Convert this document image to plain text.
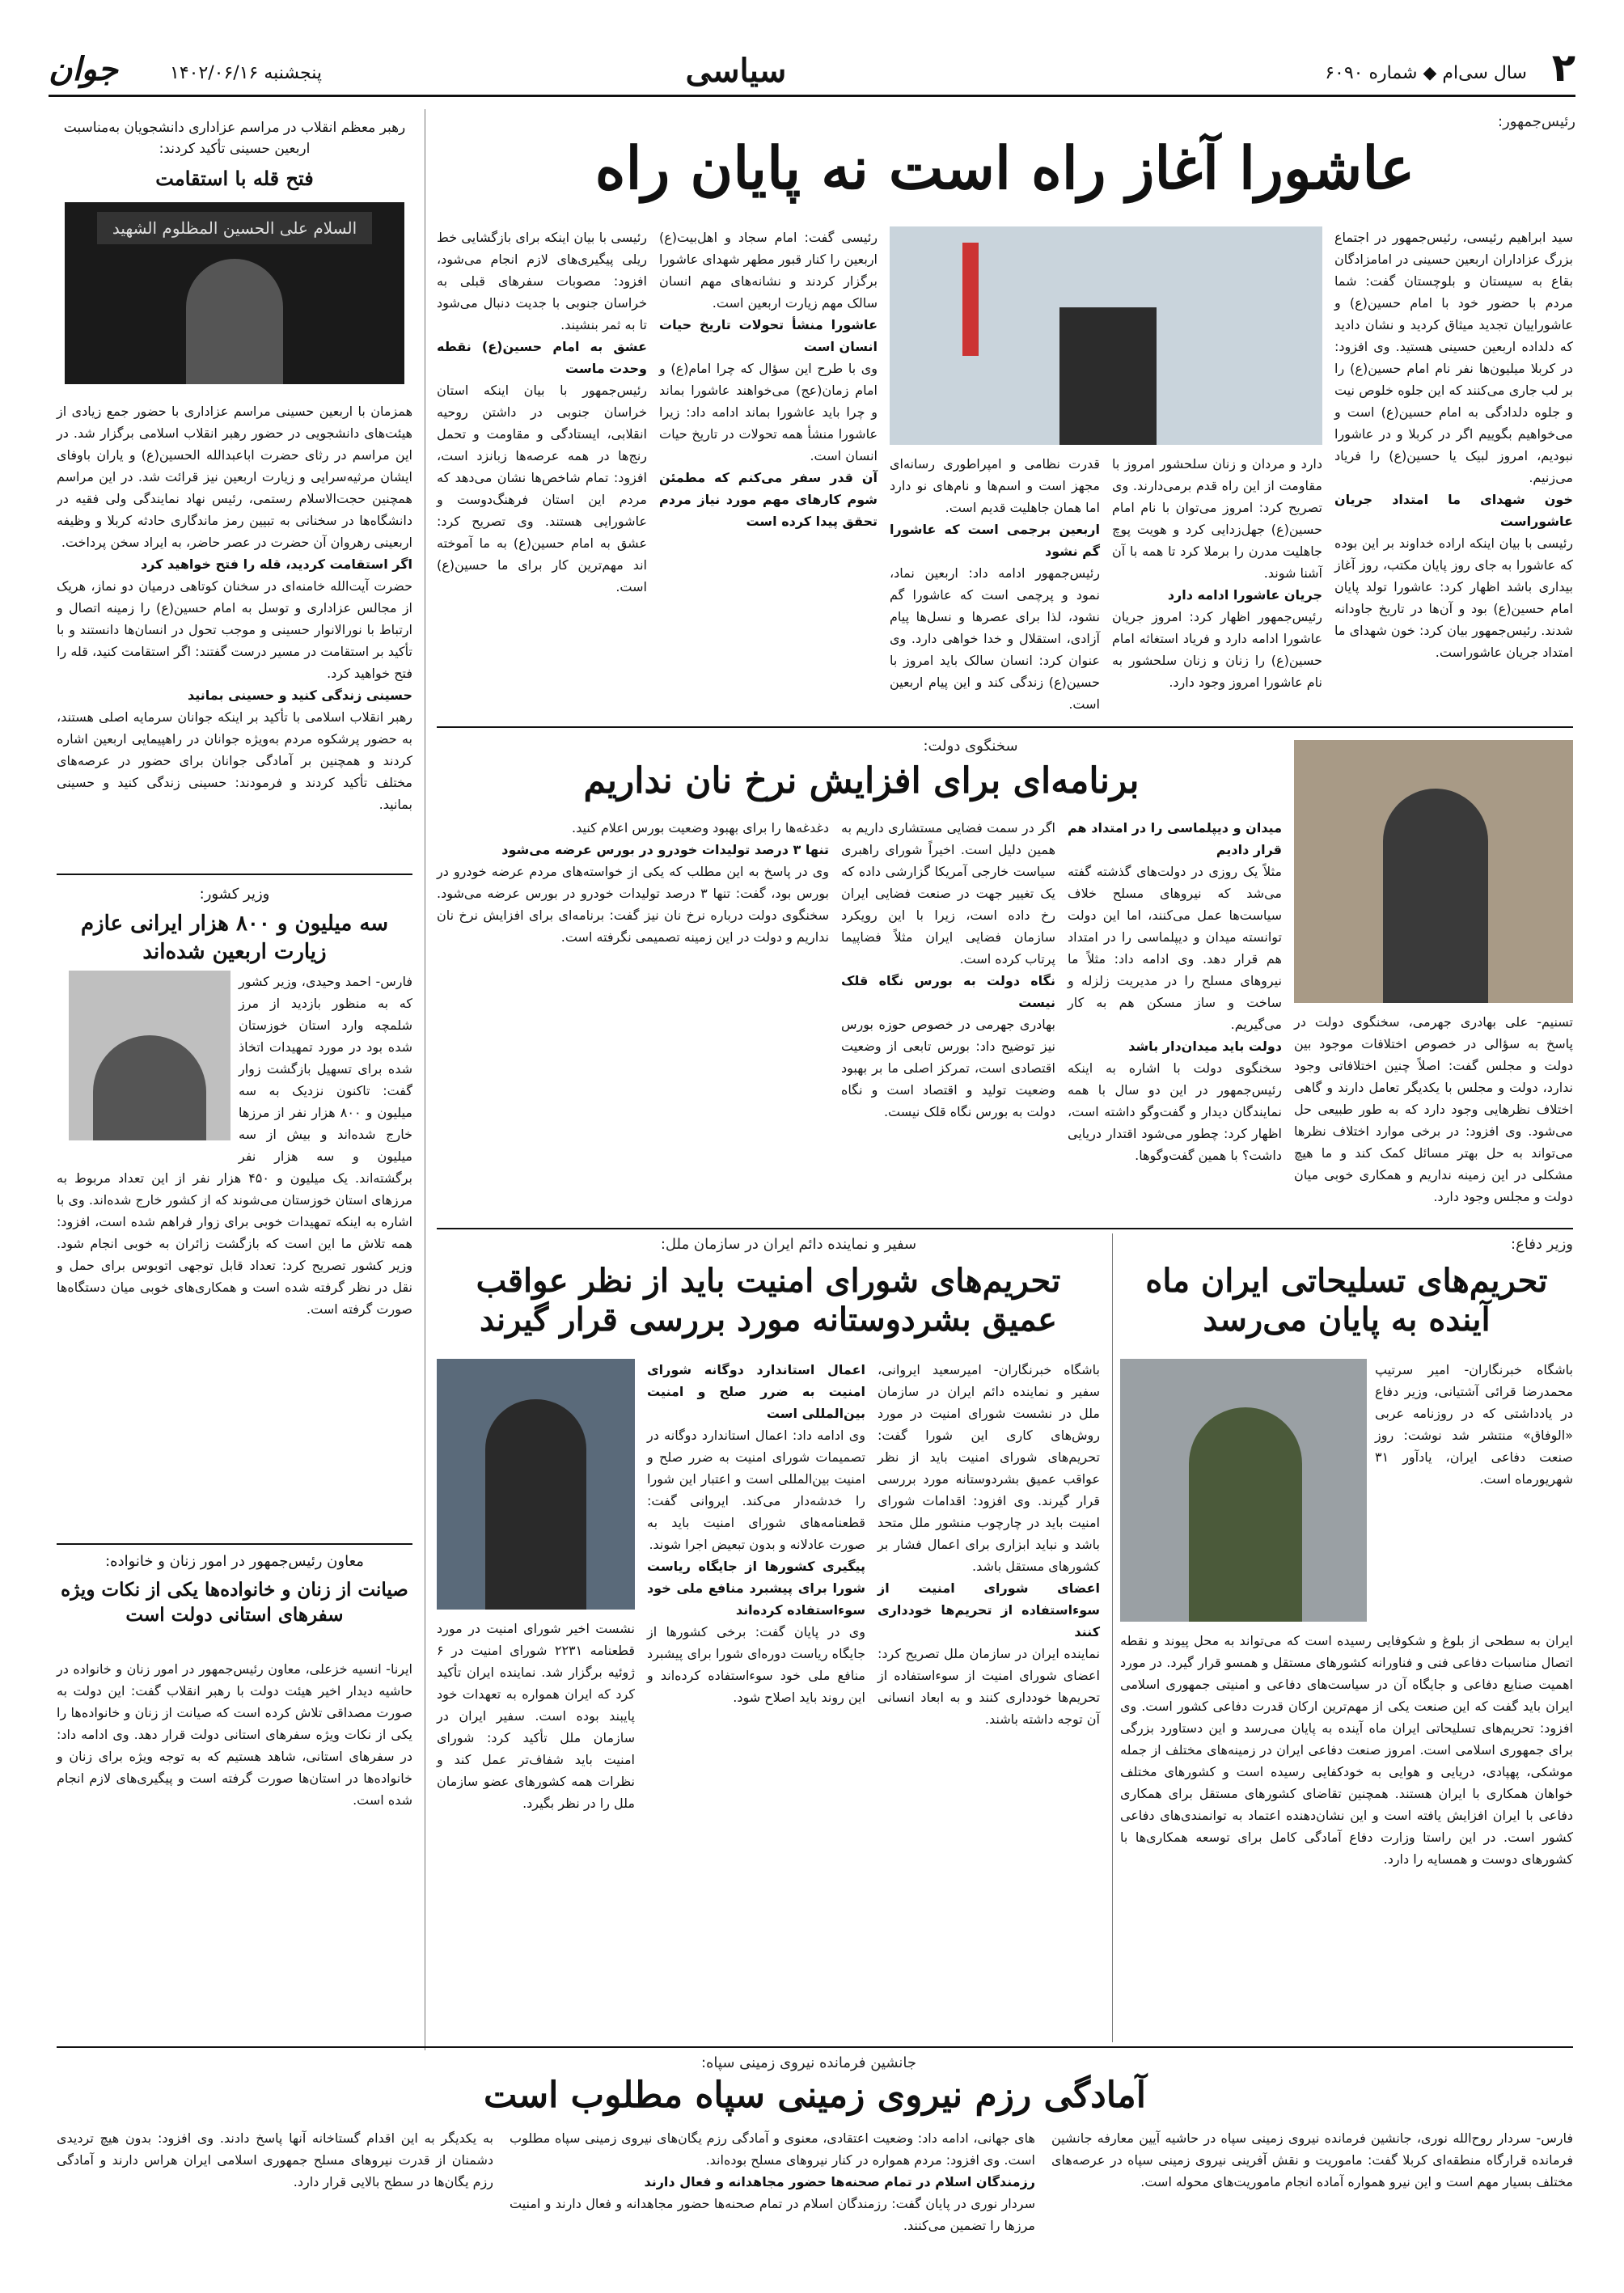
۲
سال سی‌ام ◆ شماره ۶۰۹۰
سیاسی
پنجشنبه ۱۴۰۲/۰۶/۱۶
جوان
رهبر معظم انقلاب در مراسم عزاداری دانشجویان به‌مناسبت اربعین حسینی تأکید کردند:
فتح قله با استقامت
السلام علی الحسین المظلوم الشهید
همزمان با اربعین حسینی مراسم عزاداری با حضور جمع زیادی از هیئت‌های دانشجویی در حضور رهبر انقلاب اسلامی برگزار شد. در این مراسم در رثای حضرت اباعبدالله الحسین(ع) و یاران باوفای ایشان مرثیه‌سرایی و زیارت اربعین نیز قرائت شد. در این مراسم همچنین حجت‌الاسلام رستمی، رئیس نهاد نمایندگی ولی فقیه در دانشگاه‌ها در سخنانی به تبیین رمز ماندگاری حادثه کربلا و وظیفه اربعینی رهروان آن حضرت در عصر حاضر، به ایراد سخن پرداخت.
اگر استقامت کردید، قله را فتح خواهید کرد
حضرت آیت‌الله خامنه‌ای در سخنان کوتاهی درمیان دو نماز، هریک از مجالس عزاداری و توسل به امام حسین(ع) را زمینه اتصال و ارتباط با نورالانوار حسینی و موجب تحول در انسان‌ها دانستند و با تأکید بر استقامت در مسیر درست گفتند: اگر استقامت کنید، قله را فتح خواهید کرد.
حسینی زندگی کنید و حسینی بمانید
رهبر انقلاب اسلامی با تأکید بر اینکه جوانان سرمایه اصلی هستند، به حضور پرشکوه مردم به‌ویژه جوانان در راهپیمایی اربعین اشاره کردند و همچنین بر آمادگی جوانان برای حضور در عرصه‌های مختلف تأکید کردند و فرمودند: حسینی زندگی کنید و حسینی بمانید.
وزیر کشور:
سه میلیون و ۸۰۰ هزار ایرانی عازم زیارت اربعین شده‌اند
فارس- احمد وحیدی، وزیر کشور که به منظور بازدید از مرز شلمچه وارد استان خوزستان شده بود در مورد تمهیدات اتخاذ شده برای تسهیل بازگشت زوار گفت: تاکنون نزدیک به سه میلیون و ۸۰۰ هزار نفر از مرزها خارج شده‌اند و بیش از سه میلیون و سه هزار نفر برگشته‌اند. یک میلیون و ۴۵۰ هزار نفر از این تعداد مربوط به مرزهای استان خوزستان می‌شوند که از کشور خارج شده‌اند. وی با اشاره به اینکه تمهیدات خوبی برای زوار فراهم شده است، افزود: همه تلاش ما این است که بازگشت زائران به خوبی انجام شود. وزیر کشور تصریح کرد: تعداد قابل توجهی اتوبوس برای حمل و نقل در نظر گرفته شده است و همکاری‌های خوبی میان دستگاه‌ها صورت گرفته است.
معاون رئیس‌جمهور در امور زنان و خانواده:
صیانت از زنان و خانواده‌ها یکی از نکات ویژه سفرهای استانی دولت است
ایرنا- انسیه خزعلی، معاون رئیس‌جمهور در امور زنان و خانواده در حاشیه دیدار اخیر هیئت دولت با رهبر انقلاب گفت: این دولت به صورت مصداقی تلاش کرده است که صیانت از زنان و خانواده‌ها را یکی از نکات ویژه سفرهای استانی دولت قرار دهد. وی ادامه داد: در سفرهای استانی، شاهد هستیم که به توجه ویژه برای زنان و خانواده‌ها در استان‌ها صورت گرفته است و پیگیری‌های لازم انجام شده است.
رئیس‌جمهور:
عاشورا آغاز راه است نه پایان راه
سید ابراهیم رئیسی، رئیس‌جمهور در اجتماع بزرگ عزاداران اربعین حسینی در امامزادگان بقاع به سیستان و بلوچستان گفت: شما مردم با حضور خود با امام حسین(ع) و عاشوراییان تجدید میثاق کردید و نشان دادید که دلداده اربعین حسینی هستید. وی افزود: در کربلا میلیون‌ها نفر نام امام حسین(ع) را بر لب جاری می‌کنند که این جلوه خلوص نیت و جلوه دلدادگی به امام حسین(ع) است و می‌خواهیم بگوییم اگر در کربلا و در عاشورا نبودیم، امروز لبیک یا حسین(ع) را فریاد می‌زنیم.
خون شهدای ما امتداد جریان عاشوراست
رئیسی با بیان اینکه اراده خداوند بر این بوده که عاشورا به جای روز پایان مکتب، روز آغاز بیداری باشد اظهار کرد: عاشورا تولد پایان امام حسین(ع) بود و آن‌ها در تاریخ جاودانه شدند. رئیس‌جمهور بیان کرد: خون شهدای ما امتداد جریان عاشوراست.
دارد و مردان و زنان سلحشور امروز با مقاومت از این راه قدم برمی‌دارند. وی تصریح کرد: امروز می‌توان با نام امام حسین(ع) جهل‌زدایی کرد و هویت پوچ جاهلیت مدرن را برملا کرد تا همه با آن آشنا شوند.
جریان عاشورا ادامه دارد
رئیس‌جمهور اظهار کرد: امروز جریان عاشورا ادامه دارد و فریاد استغاثه امام حسین(ع) را زنان و زنان سلحشور به نام عاشورا امروز وجود دارد.
قدرت نظامی و امپراطوری رسانه‌ای مجهز است و اسم‌ها و نام‌های نو دارد اما همان جاهلیت قدیم است.
اربعین برجمی است که عاشورا گم نشود
رئیس‌جمهور ادامه داد: اربعین نماد، نمود و پرچمی است که عاشورا گم نشود، لذا برای عصرها و نسل‌ها پیام آزادی، استقلال و خدا خواهی دارد. وی عنوان کرد: انسان سالک باید امروز با حسین(ع) زندگی کند و این پیام اربعین است.
رئیسی گفت: امام سجاد و اهل‌بیت(ع) اربعین را کنار قبور مطهر شهدای عاشورا برگزار کردند و نشانه‌های مهم انسان سالک مهم زیارت اربعین است.
عاشورا منشأ تحولات تاریخ حیات انسان است
وی با طرح این سؤال که چرا امام(ع) و امام زمان(عج) می‌خواهند عاشورا بماند و چرا باید عاشورا بماند ادامه داد: زیرا عاشورا منشأ همه تحولات در تاریخ حیات انسان است.
آن قدر سفر می‌کنم که مطمئن شوم کارهای مهم مورد نیاز مردم تحقق پیدا کرده است
رئیسی با بیان اینکه برای بازگشایی خط ریلی پیگیری‌های لازم انجام می‌شود، افزود: مصوبات سفرهای قبلی به خراسان جنوبی با جدیت دنبال می‌شود تا به ثمر بنشیند.
عشق به امام حسین(ع) نقطه وحدت ماست
رئیس‌جمهور با بیان اینکه استان خراسان جنوبی در داشتن روحیه انقلابی، ایستادگی و مقاومت و تحمل رنج‌ها در همه عرصه‌ها زبانزد است، افزود: تمام شاخص‌ها نشان می‌دهد که مردم این استان فرهنگ‌دوست و عاشورایی هستند. وی تصریح کرد: عشق به امام حسین(ع) به ما آموخته اند مهم‌ترین کار برای ما حسین(ع) است.
سخنگوی دولت:
برنامه‌ای برای افزایش نرخ نان نداریم
تسنیم- علی بهادری جهرمی، سخنگوی دولت در پاسخ به سؤالی در خصوص اختلافات موجود بین دولت و مجلس گفت: اصلاً چنین اختلافاتی وجود ندارد، دولت و مجلس با یکدیگر تعامل دارند و گاهی اختلاف نظرهایی وجود دارد که به طور طبیعی حل می‌شود. وی افزود: در برخی موارد اختلاف نظرها می‌تواند به حل بهتر مسائل کمک کند و ما هیچ مشکلی در این زمینه نداریم و همکاری خوبی میان دولت و مجلس وجود دارد.
میدان و دیپلماسی را در امتداد هم قرار دادیم
مثلاً یک روزی در دولت‌های گذشته گفته می‌شد که نیروهای مسلح خلاف سیاست‌ها عمل می‌کنند، اما این دولت توانسته میدان و دیپلماسی را در امتداد هم قرار دهد. وی ادامه داد: مثلاً ما نیروهای مسلح را در مدیریت زلزله و ساخت و ساز مسکن هم به کار می‌گیریم.
دولت باید میدان‌دار باشد
سخنگوی دولت با اشاره به اینکه رئیس‌جمهور در این دو سال با همه نمایندگان دیدار و گفت‌وگو داشته است، اظهار کرد: چطور می‌شود اقتدار دریایی داشت؟ با همین گفت‌وگوها.
اگر در سمت فضایی مستشاری داریم به همین دلیل است. اخیراً شورای راهبری سیاست خارجی آمریکا گزارشی داده که یک تغییر جهت در صنعت فضایی ایران رخ داده است، زیرا با این رویکرد سازمان فضایی ایران مثلاً فضاپیما پرتاب کرده است.
نگاه دولت به بورس نگاه قلک نیست
بهادری جهرمی در خصوص حوزه بورس نیز توضیح داد: بورس تابعی از وضعیت اقتصادی است، تمرکز اصلی ما بر بهبود وضعیت تولید و اقتصاد است و نگاه دولت به بورس نگاه قلک نیست.
دغدغه‌ها را برای بهبود وضعیت بورس اعلام کنید.
تنها ۳ درصد تولیدات خودرو در بورس عرضه می‌شود
وی در پاسخ به این مطلب که یکی از خواسته‌های مردم عرضه خودرو در بورس بود، گفت: تنها ۳ درصد تولیدات خودرو در بورس عرضه می‌شود. سخنگوی دولت درباره نرخ نان نیز گفت: برنامه‌ای برای افزایش نرخ نان نداریم و دولت در این زمینه تصمیمی نگرفته است.
وزیر دفاع:
تحریم‌های تسلیحاتی ایران ماه آینده به پایان می‌رسد
باشگاه خبرنگاران- امیر سرتیپ محمدرضا قرائی آشتیانی، وزیر دفاع در یادداشتی که در روزنامه عربی «الوفاق» منتشر شد نوشت: روز صنعت دفاعی ایران، یادآور ۳۱ شهریورماه است.
ایران به سطحی از بلوغ و شکوفایی رسیده است که می‌تواند به محل پیوند و نقطه اتصال مناسبات دفاعی فنی و فناورانه کشورهای مستقل و همسو قرار گیرد. در مورد اهمیت صنایع دفاعی و جایگاه آن در سیاست‌های دفاعی و امنیتی جمهوری اسلامی ایران باید گفت که این صنعت یکی از مهم‌ترین ارکان قدرت دفاعی کشور است. وی افزود: تحریم‌های تسلیحاتی ایران ماه آینده به پایان می‌رسد و این دستاورد بزرگی برای جمهوری اسلامی است. امروز صنعت دفاعی ایران در زمینه‌های مختلف از جمله موشکی، پهپادی، دریایی و هوایی به خودکفایی رسیده است و کشورهای مختلف خواهان همکاری با ایران هستند. همچنین تقاضای کشورهای مستقل برای همکاری دفاعی با ایران افزایش یافته است و این نشان‌دهنده اعتماد به توانمندی‌های دفاعی کشور است. در این راستا وزارت دفاع آمادگی کامل برای توسعه همکاری‌ها با کشورهای دوست و همسایه را دارد.
سفیر و نماینده دائم ایران در سازمان ملل:
تحریم‌های شورای امنیت باید از نظر عواقب عمیق بشردوستانه مورد بررسی قرار گیرند
باشگاه خبرنگاران- امیرسعید ایروانی، سفیر و نماینده دائم ایران در سازمان ملل در نشست شورای امنیت در مورد روش‌های کاری این شورا گفت: تحریم‌های شورای امنیت باید از نظر عواقب عمیق بشردوستانه مورد بررسی قرار گیرند. وی افزود: اقدامات شورای امنیت باید در چارچوب منشور ملل متحد باشد و نباید ابزاری برای اعمال فشار بر کشورهای مستقل باشد.
اعضای شورای امنیت از سوءاستفاده از تحریم‌ها خودداری کنند
نماینده ایران در سازمان ملل تصریح کرد: اعضای شورای امنیت از سوءاستفاده از تحریم‌ها خودداری کنند و به ابعاد انسانی آن توجه داشته باشند.
اعمال استاندارد دوگانه شورای امنیت به ضرر صلح و امنیت بین‌المللی است
وی ادامه داد: اعمال استاندارد دوگانه در تصمیمات شورای امنیت به ضرر صلح و امنیت بین‌المللی است و اعتبار این شورا را خدشه‌دار می‌کند. ایروانی گفت: قطعنامه‌های شورای امنیت باید به صورت عادلانه و بدون تبعیض اجرا شوند.
پیگیری کشورها از جایگاه ریاست شورا برای پیشبرد منافع ملی خود سوءاستفاده کرده‌اند
وی در پایان گفت: برخی کشورها از جایگاه ریاست دوره‌ای شورا برای پیشبرد منافع ملی خود سوءاستفاده کرده‌اند و این روند باید اصلاح شود.
نشست اخیر شورای امنیت در مورد قطعنامه ۲۲۳۱ شورای امنیت در ۶ ژوئیه برگزار شد. نماینده ایران تأکید کرد که ایران همواره به تعهدات خود پایبند بوده است. سفیر ایران در سازمان ملل تأکید کرد: شورای امنیت باید شفاف‌تر عمل کند و نظرات همه کشورهای عضو سازمان ملل را در نظر بگیرد.
جانشین فرمانده نیروی زمینی سپاه:
آمادگی رزم نیروی زمینی سپاه مطلوب است
فارس- سردار روح‌الله نوری، جانشین فرمانده نیروی زمینی سپاه در حاشیه آیین معارفه جانشین فرمانده قرارگاه منطقه‌ای کربلا گفت: ماموریت و نقش آفرینی نیروی زمینی سپاه در عرصه‌های مختلف بسیار مهم است و این نیرو همواره آماده انجام ماموریت‌های محوله است.
های جهانی، ادامه داد: وضعیت اعتقادی، معنوی و آمادگی رزم یگان‌های نیروی زمینی سپاه مطلوب است. وی افزود: مردم همواره در کنار نیروهای مسلح بوده‌اند.
رزمندگان اسلام در تمام صحنه‌ها حضور مجاهدانه و فعال دارند
سردار نوری در پایان گفت: رزمندگان اسلام در تمام صحنه‌ها حضور مجاهدانه و فعال دارند و امنیت مرزها را تضمین می‌کنند.
به یکدیگر به این اقدام گستاخانه آنها پاسخ دادند. وی افزود: بدون هیچ تردیدی دشمنان از قدرت نیروهای مسلح جمهوری اسلامی ایران هراس دارند و آمادگی رزم یگان‌ها در سطح بالایی قرار دارد.
